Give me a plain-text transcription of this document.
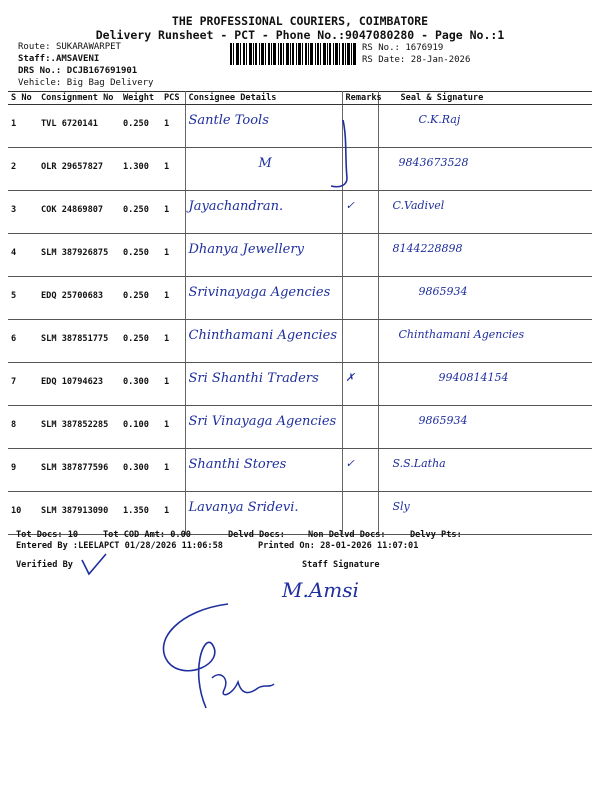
THE PROFESSIONAL COURIERS, COIMBATORE
Delivery Runsheet - PCT - Phone No.:9047080280 - Page No.:1
Route: SUKARAWARPET
Staff:.AMSAVENI
DRS No.: DCJB167691901
Vehicle: Big Bag Delivery
RS No.: 1676919
RS Date: 28-Jan-2026
S No	Consignment No	Weight	PCS	Consignee Details	Remarks	Seal & Signature
1	TVL 6720141	0.250	1	Santle Tools		C.K.Raj
2	OLR 29657827	1.300	1	M		9843673528
3	COK 24869807	0.250	1	Jayachandran.	✓	C.Vadivel
4	SLM 387926875	0.250	1	Dhanya Jewellery		8144228898
5	EDQ 25700683	0.250	1	Srivinayaga Agencies		9865934
6	SLM 387851775	0.250	1	Chinthamani Agencies		Chinthamani Agencies
7	EDQ 10794623	0.300	1	Sri Shanthi Traders	✗	9940814154
8	SLM 387852285	0.100	1	Sri Vinayaga Agencies		9865934
9	SLM 387877596	0.300	1	Shanthi Stores	✓	S.S.Latha
10	SLM 387913090	1.350	1	Lavanya Sridevi.		Sly
Tot Docs: 10	Tot COD Amt: 0.00	Delvd Docs:	Non Delvd Docs:	Delvy Pts:
Entered By :LEELAPCT 01/28/2026 11:06:58	Printed On: 28-01-2026 11:07:01
Verified By	Staff Signature
M.Amsi
